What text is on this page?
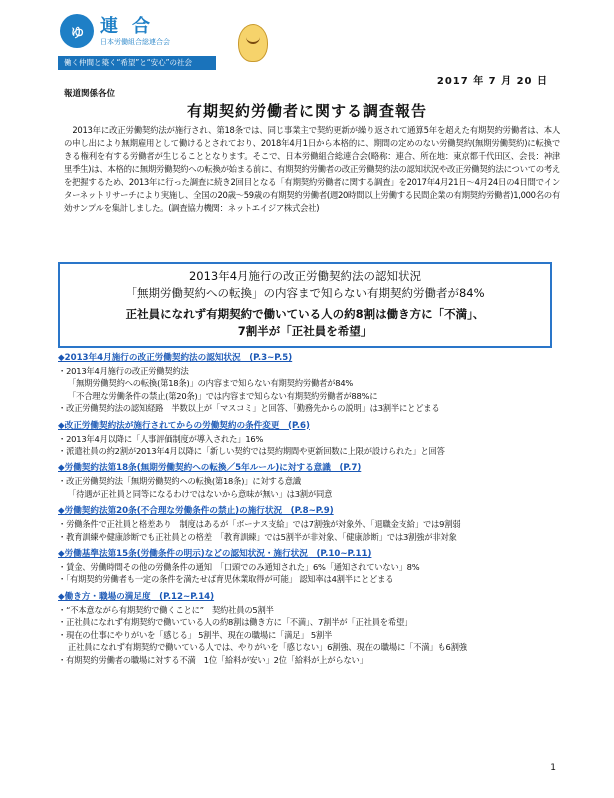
ゆ 連合
日本労働組合総連合会
働く仲間と築く“希望”と“安心”の社会
2017 年 7 月 20 日
報道関係各位
有期契約労働者に関する調査報告
2013年に改正労働契約法が施行され、第18条では、同じ事業主で契約更新が繰り返されて通算5年を超えた有期契約労働者は、本人の申し出により無期雇用として働けるとされており、2018年4月1日から本格的に、期間の定めのない労働契約(無期労働契約)に転換できる権利を有する労働者が生じることとなります。そこで、日本労働組合総連合会(略称：連合、所在地：東京都千代田区、会長：神津 里季生)は、本格的に無期労働契約への転換が始まる前に、有期契約労働者の改正労働契約法の認知状況や改正労働契約法についての考えを把握するため、2013年に行った調査に続き2回目となる「有期契約労働者に関する調査」を2017年4月21日～4月24日の4日間でインターネットリサーチにより実施し、全国の20歳～59歳の有期契約労働者(週20時間以上労働する民間企業の有期契約労働者)1,000名の有効サンプルを集計しました。(調査協力機関：ネットエイジア株式会社)
2013年4月施行の改正労働契約法の認知状況
「無期労働契約への転換」の内容まで知らない有期契約労働者が84%
正社員になれず有期契約で働いている人の約8割は働き方に「不満」、
7割半が「正社員を希望」
◆2013年4月施行の改正労働契約法の認知状況　(P.3~P.5)
・2013年4月施行の改正労働契約法
「無期労働契約への転換(第18条)」の内容まで知らない有期契約労働者が84%
「不合理な労働条件の禁止(第20条)」では内容まで知らない有期契約労働者が88%に
・改正労働契約法の認知経路　半数以上が「マスコミ」と回答、「勤務先からの説明」は3割半にとどまる
◆改正労働契約法が施行されてからの労働契約の条件変更　(P.6)
・2013年4月以降に「人事評価制度が導入された」16%
・派遣社員の約2割が2013年4月以降に「新しい契約では契約期間や更新回数に上限が設けられた」と回答
◆労働契約法第18条(無期労働契約への転換／5年ルール)に対する意識　(P.7)
・改正労働契約法「無期労働契約への転換(第18条)」に対する意識
「待遇が正社員と同等になるわけではないから意味が無い」は3割が同意
◆労働契約法第20条(不合理な労働条件の禁止)の施行状況　(P.8~P.9)
・労働条件で正社員と格差あり　制度はあるが「ボーナス支給」では7割強が対象外、「退職金支給」では9割弱
・教育訓練や健康診断でも正社員との格差　「教育訓練」では5割半が非対象、「健康診断」では3割強が非対象
◆労働基準法第15条(労働条件の明示)などの認知状況・施行状況　(P.10~P.11)
・賃金、労働時間その他の労働条件の通知　「口頭でのみ通知された」6%「通知されていない」8%
・「有期契約労働者も一定の条件を満たせば育児休業取得が可能」 認知率は4割半にとどまる
◆働き方・職場の満足度　(P.12~P.14)
・“不本意ながら有期契約で働くことに”　契約社員の5割半
・正社員になれず有期契約で働いている人の約8割は働き方に「不満」、7割半が「正社員を希望」
・現在の仕事にやりがいを「感じる」 5割半、現在の職場に「満足」 5割半
正社員になれず有期契約で働いている人では、やりがいを「感じない」6割強、現在の職場に「不満」も6割強
・有期契約労働者の職場に対する不満　1位「給料が安い」2位「給料が上がらない」
1
